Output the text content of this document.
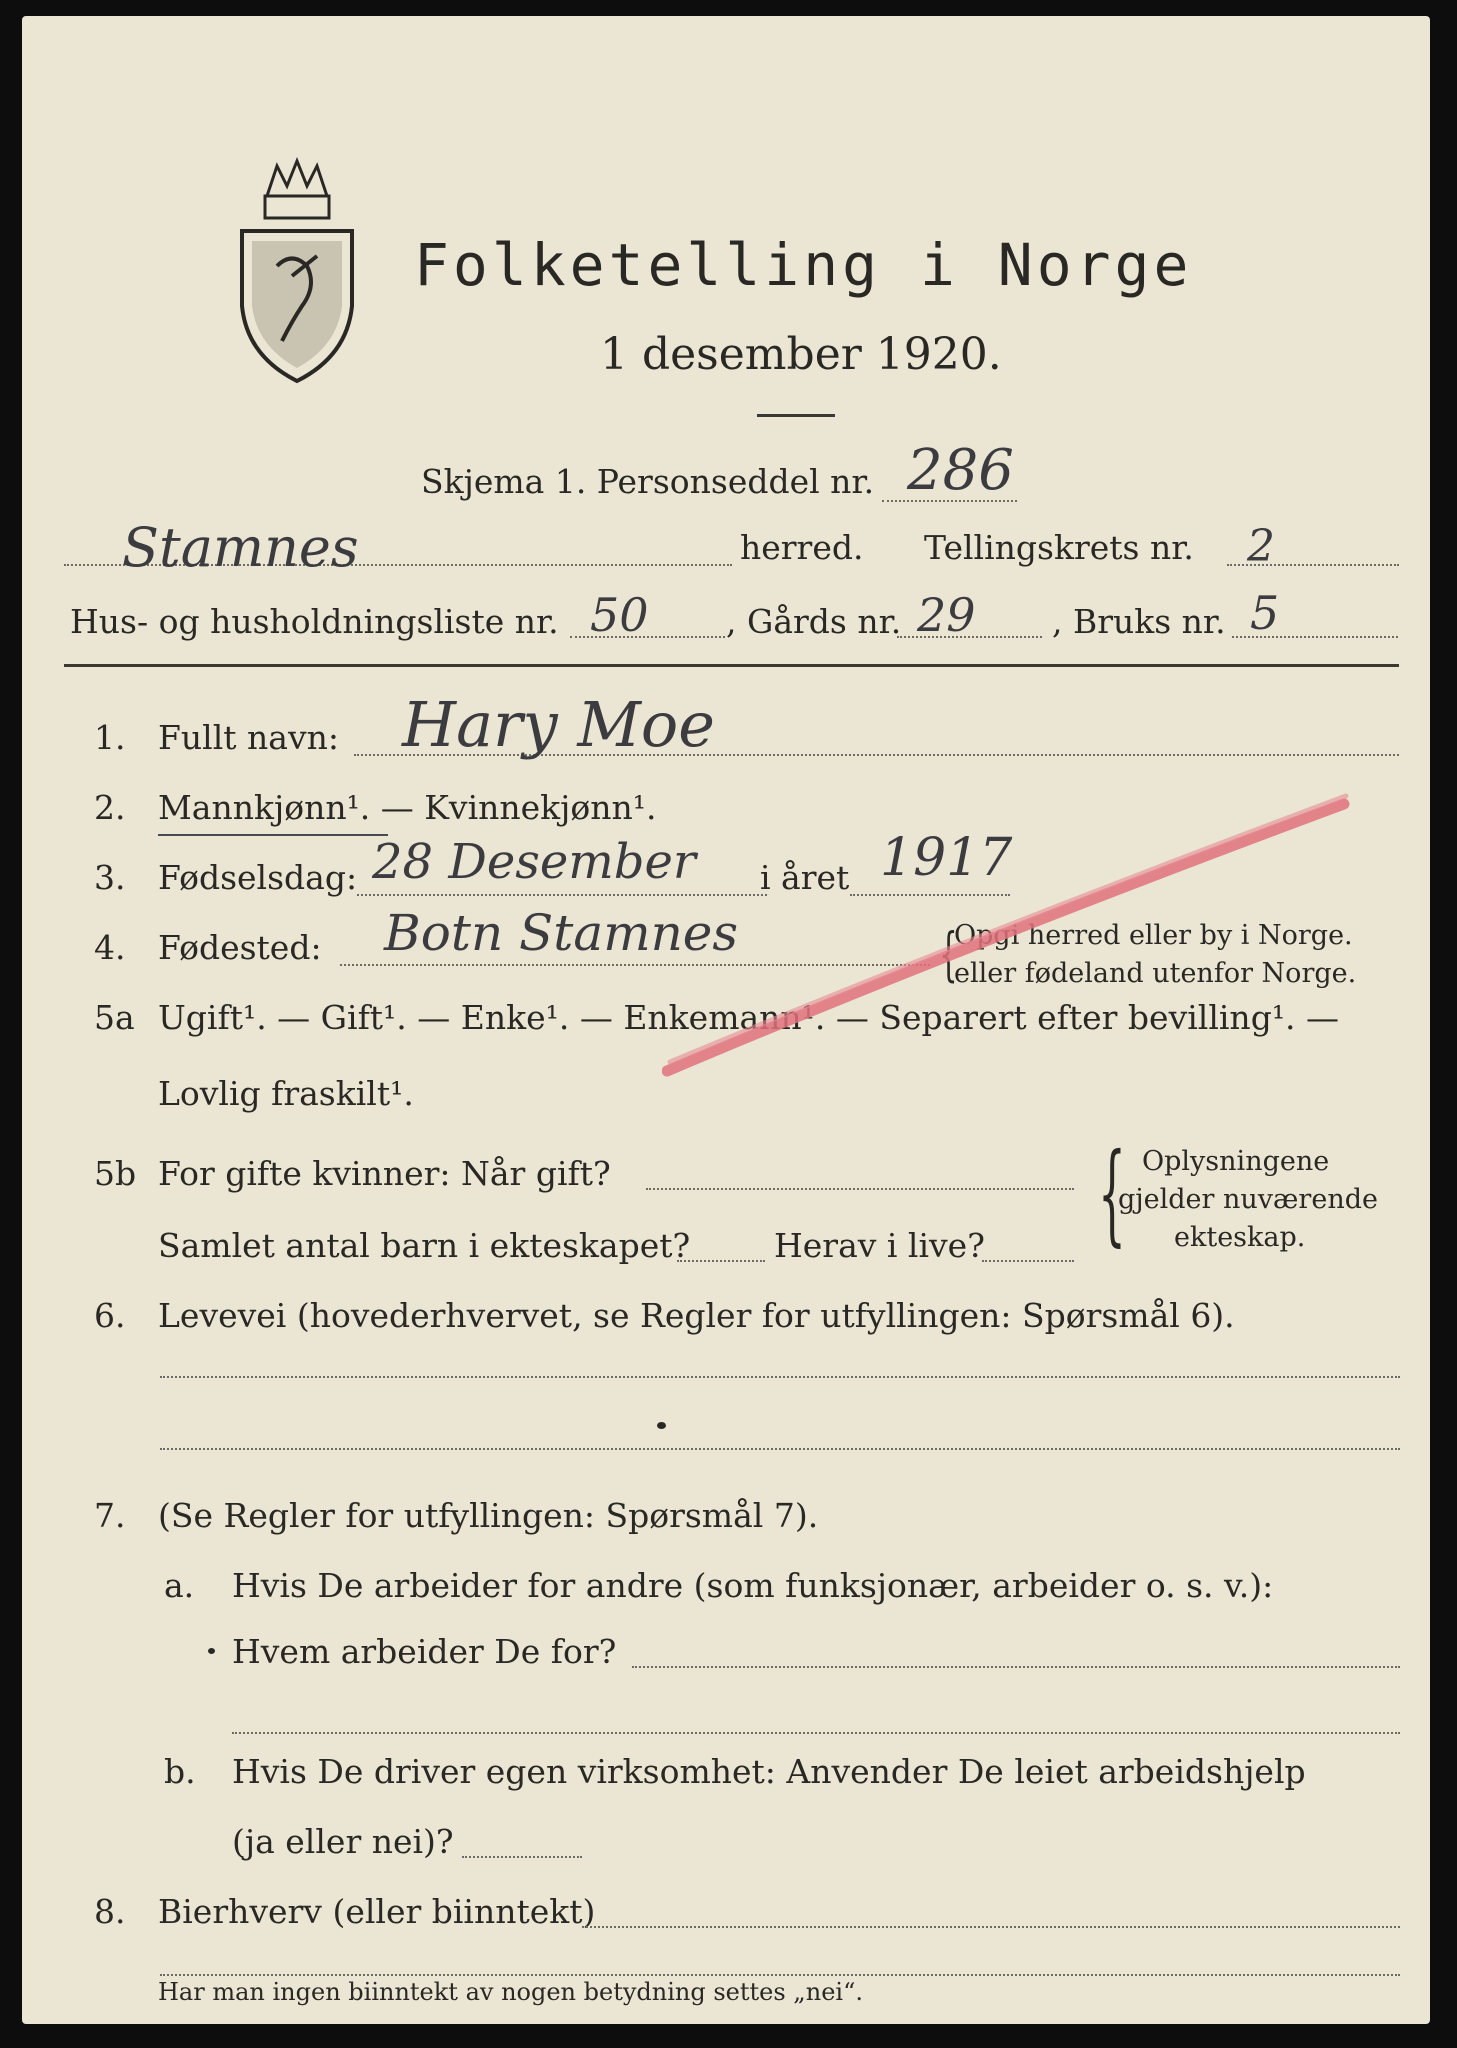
Folketelling i Norge
1 desember 1920.
Skjema 1. Personseddel nr. 286
Stamnes	herred. Tellingskrets nr. 2
Hus- og husholdningsliste nr. 50 , Gårds nr. 29 , Bruks nr. 5
1. Fullt navn: Hary Moe
2. Mannkjønn¹. — Kvinnekjønn¹.
3. Fødselsdag: 28 Desember i året 1917
4. Fødested: Botn Stamnes	{
Opgi herred eller by i Norge.
eller fødeland utenfor Norge.
5a Ugift¹. — Gift¹. — Enke¹. — Enkemann¹. — Separert efter bevilling¹. —
Lovlig fraskilt¹.
5b For gifte kvinner: Når gift?
Samlet antal barn i ekteskapet?	Herav i live? { Oplysningene
gjelder nuværende
ekteskap.
6. Levevei (hovederhvervet, se Regler for utfyllingen: Spørsmål 6).
7. (Se Regler for utfyllingen: Spørsmål 7).
a. Hvis De arbeider for andre (som funksjonær, arbeider o. s. v.):
Hvem arbeider De for?
b. Hvis De driver egen virksomhet: Anvender De leiet arbeidshjelp
(ja eller nei)?
8. Bierhverv (eller biinntekt)
Har man ingen biinntekt av nogen betydning settes „nei“.
